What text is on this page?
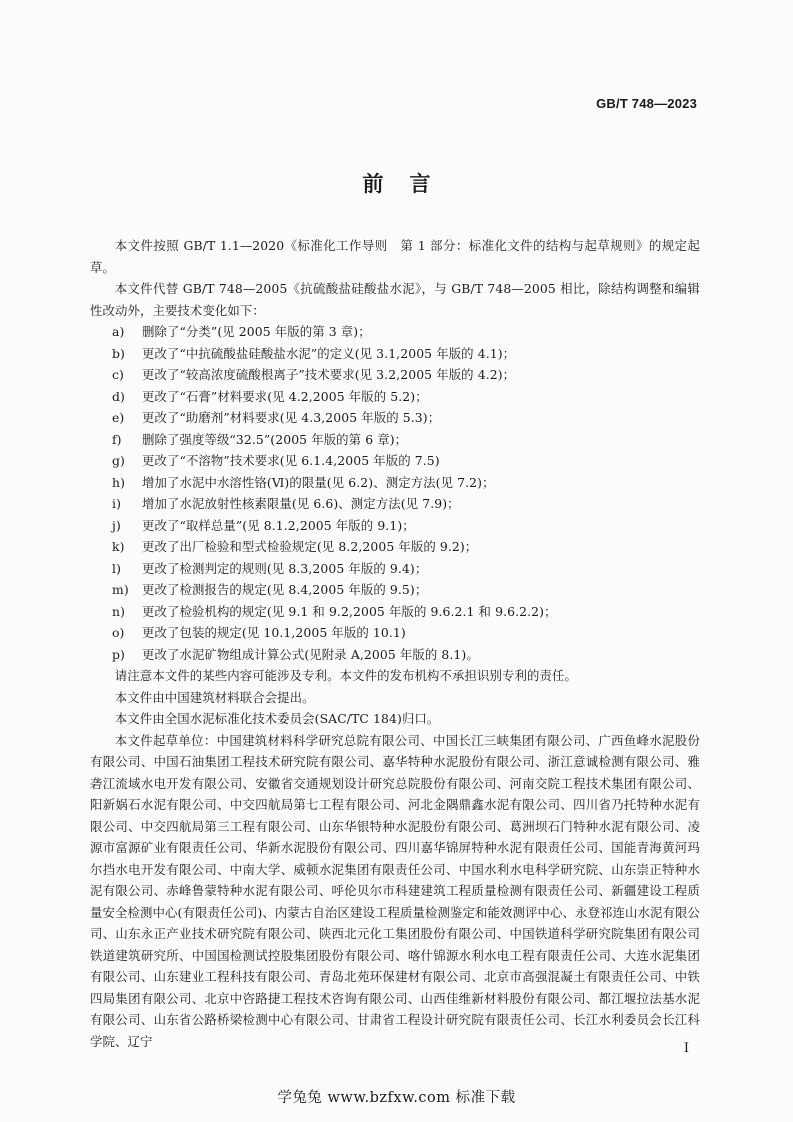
GB/T 748—2023
前言

本文件按照 GB/T 1.1—2020《标准化工作导则　第 1 部分：标准化文件的结构与起草规则》的规定起草。

本文件代替 GB/T 748—2005《抗硫酸盐硅酸盐水泥》，与 GB/T 748—2005 相比，除结构调整和编辑性改动外，主要技术变化如下：

a) 删除了“分类”(见 2005 年版的第 3 章)；

b) 更改了“中抗硫酸盐硅酸盐水泥”的定义(见 3.1,2005 年版的 4.1)；

c) 更改了“较高浓度硫酸根离子”技术要求(见 3.2,2005 年版的 4.2)；

d) 更改了“石膏”材料要求(见 4.2,2005 年版的 5.2)；

e) 更改了“助磨剂”材料要求(见 4.3,2005 年版的 5.3)；

f) 删除了强度等级“32.5”(2005 年版的第 6 章)；

g) 更改了“不溶物”技术要求(见 6.1.4,2005 年版的 7.5)

h) 增加了水泥中水溶性铬(Ⅵ)的限量(见 6.2)、测定方法(见 7.2)；

i) 增加了水泥放射性核素限量(见 6.6)、测定方法(见 7.9)；

j) 更改了“取样总量”(见 8.1.2,2005 年版的 9.1)；

k) 更改了出厂检验和型式检验规定(见 8.2,2005 年版的 9.2)；

l) 更改了检测判定的规则(见 8.3,2005 年版的 9.4)；

m) 更改了检测报告的规定(见 8.4,2005 年版的 9.5)；

n) 更改了检验机构的规定(见 9.1 和 9.2,2005 年版的 9.6.2.1 和 9.6.2.2)；

o) 更改了包装的规定(见 10.1,2005 年版的 10.1)

p) 更改了水泥矿物组成计算公式(见附录 A,2005 年版的 8.1)。

请注意本文件的某些内容可能涉及专利。本文件的发布机构不承担识别专利的责任。

本文件由中国建筑材料联合会提出。

本文件由全国水泥标准化技术委员会(SAC/TC 184)归口。

本文件起草单位：中国建筑材料科学研究总院有限公司、中国长江三峡集团有限公司、广西鱼峰水泥股份有限公司、中国石油集团工程技术研究院有限公司、嘉华特种水泥股份有限公司、浙江意诚检测有限公司、雅砻江流域水电开发有限公司、安徽省交通规划设计研究总院股份有限公司、河南交院工程技术集团有限公司、阳新娲石水泥有限公司、中交四航局第七工程有限公司、河北金隅鼎鑫水泥有限公司、四川省乃托特种水泥有限公司、中交四航局第三工程有限公司、山东华银特种水泥股份有限公司、葛洲坝石门特种水泥有限公司、凌源市富源矿业有限责任公司、华新水泥股份有限公司、四川嘉华锦屏特种水泥有限责任公司、国能青海黄河玛尔挡水电开发有限公司、中南大学、威顿水泥集团有限责任公司、中国水利水电科学研究院、山东崇正特种水泥有限公司、赤峰鲁蒙特种水泥有限公司、呼伦贝尔市科建建筑工程质量检测有限责任公司、新疆建设工程质量安全检测中心(有限责任公司)、内蒙古自治区建设工程质量检测鉴定和能效测评中心、永登祁连山水泥有限公司、山东永正产业技术研究院有限公司、陕西北元化工集团股份有限公司、中国铁道科学研究院集团有限公司铁道建筑研究所、中国国检测试控股集团股份有限公司、喀什锦源水利水电工程有限责任公司、大连水泥集团有限公司、山东建业工程科技有限公司、青岛北苑环保建材有限公司、北京市高强混凝土有限责任公司、中铁四局集团有限公司、北京中咨路捷工程技术咨询有限公司、山西佳维新材料股份有限公司、都江堰拉法基水泥有限公司、山东省公路桥梁检测中心有限公司、甘肃省工程设计研究院有限责任公司、长江水利委员会长江科学院、辽宁	I
学兔兔 www.bzfxw.com 标准下载
